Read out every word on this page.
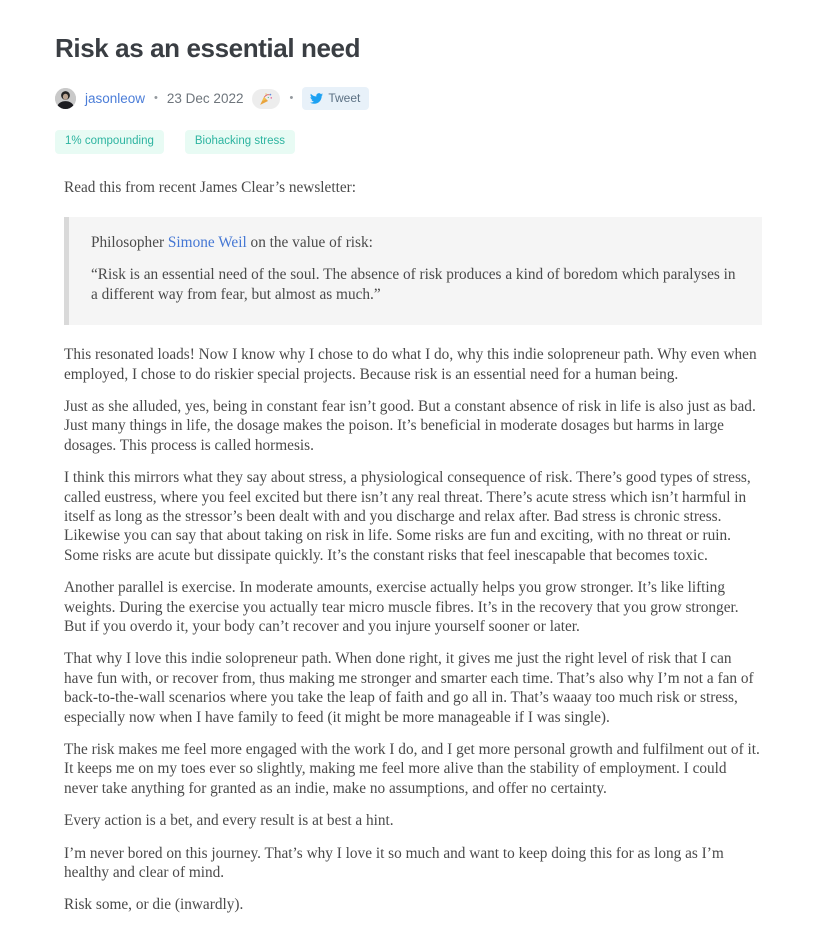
Risk as an essential need
jasonleow • 23 Dec 2022	•	Tweet
1% compounding	Biohacking stress

Read this from recent James Clear’s newsletter:

Philosopher Simone Weil on the value of risk:

“Risk is an essential need of the soul. The absence of risk produces a kind of boredom which paralyses in a different way from fear, but almost as much.”

This resonated loads! Now I know why I chose to do what I do, why this indie solopreneur path. Why even when employed, I chose to do riskier special projects. Because risk is an essential need for a human being.

Just as she alluded, yes, being in constant fear isn’t good. But a constant absence of risk in life is also just as bad. Just many things in life, the dosage makes the poison. It’s beneficial in moderate dosages but harms in large dosages. This process is called hormesis.

I think this mirrors what they say about stress, a physiological consequence of risk. There’s good types of stress, called eustress, where you feel excited but there isn’t any real threat. There’s acute stress which isn’t harmful in itself as long as the stressor’s been dealt with and you discharge and relax after. Bad stress is chronic stress. Likewise you can say that about taking on risk in life. Some risks are fun and exciting, with no threat or ruin. Some risks are acute but dissipate quickly. It’s the constant risks that feel inescapable that becomes toxic.

Another parallel is exercise. In moderate amounts, exercise actually helps you grow stronger. It’s like lifting weights. During the exercise you actually tear micro muscle fibres. It’s in the recovery that you grow stronger. But if you overdo it, your body can’t recover and you injure yourself sooner or later.

That why I love this indie solopreneur path. When done right, it gives me just the right level of risk that I can have fun with, or recover from, thus making me stronger and smarter each time. That’s also why I’m not a fan of back-to-the-wall scenarios where you take the leap of faith and go all in. That’s waaay too much risk or stress, especially now when I have family to feed (it might be more manageable if I was single).

The risk makes me feel more engaged with the work I do, and I get more personal growth and fulfilment out of it. It keeps me on my toes ever so slightly, making me feel more alive than the stability of employment. I could never take anything for granted as an indie, make no assumptions, and offer no certainty.

Every action is a bet, and every result is at best a hint.

I’m never bored on this journey. That’s why I love it so much and want to keep doing this for as long as I’m healthy and clear of mind.

Risk some, or die (inwardly).
